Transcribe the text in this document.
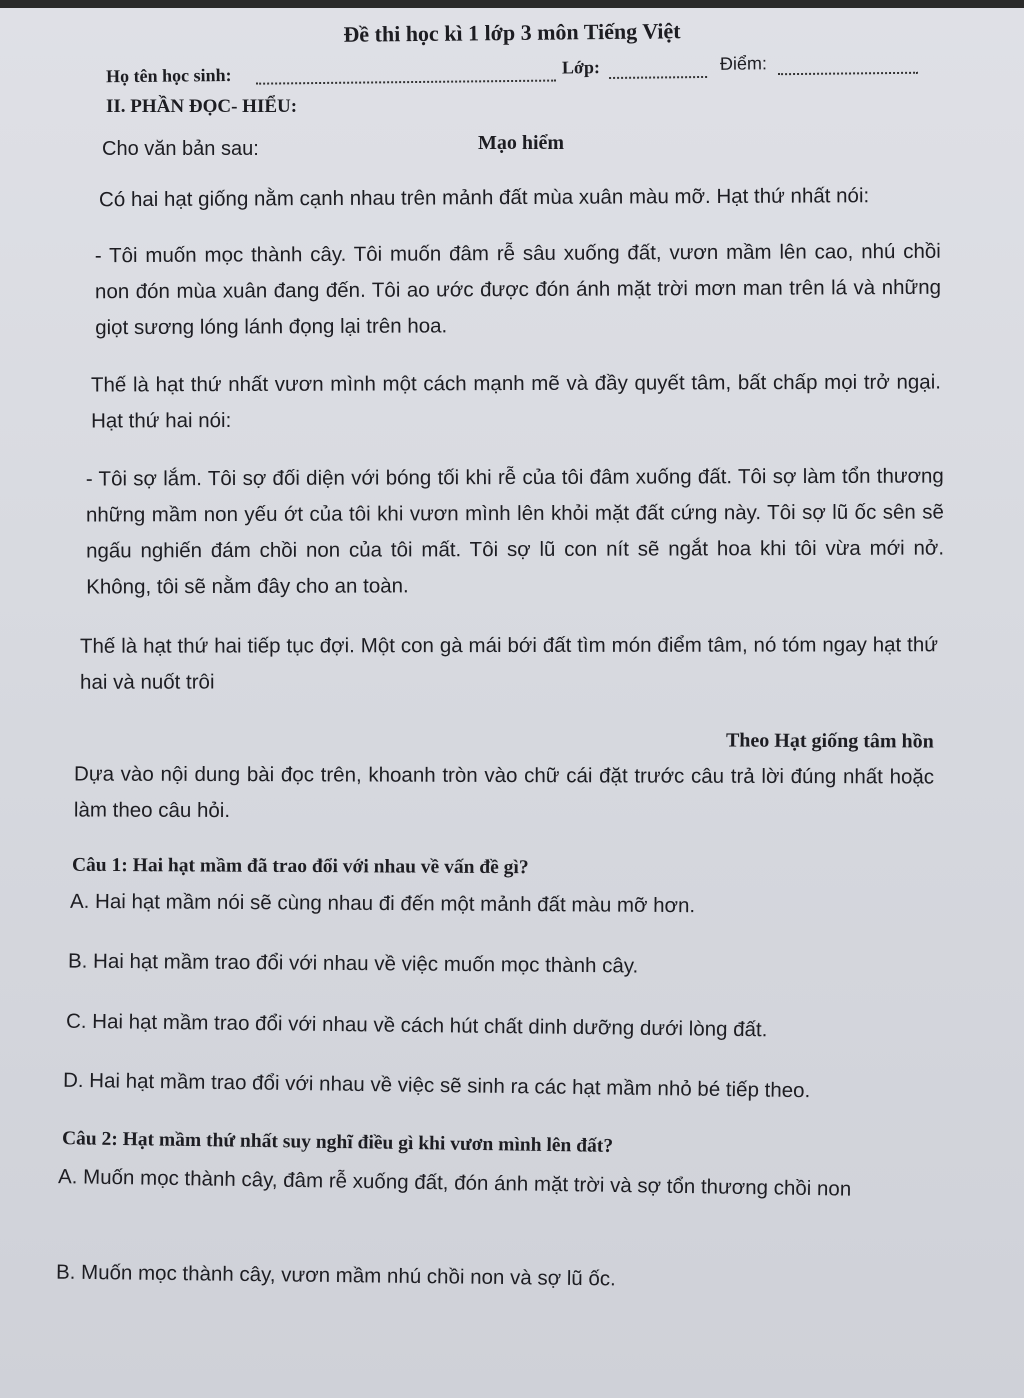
Đề thi học kì 1 lớp 3 môn Tiếng Việt
Họ tên học sinh:	Lớp:	Điểm:
II. PHẦN ĐỌC- HIỂU:
Cho văn bản sau:	Mạo hiểm
Có hai hạt giống nằm cạnh nhau trên mảnh đất mùa xuân màu mỡ. Hạt thứ nhất nói:
- Tôi muốn mọc thành cây. Tôi muốn đâm rễ sâu xuống đất, vươn mầm lên cao, nhú chồi non đón mùa xuân đang đến. Tôi ao ước được đón ánh mặt trời mơn man trên lá và những giọt sương lóng lánh đọng lại trên hoa.
Thế là hạt thứ nhất vươn mình một cách mạnh mẽ và đầy quyết tâm, bất chấp mọi trở ngại. Hạt thứ hai nói:
- Tôi sợ lắm. Tôi sợ đối diện với bóng tối khi rễ của tôi đâm xuống đất. Tôi sợ làm tổn thương những mầm non yếu ớt của tôi khi vươn mình lên khỏi mặt đất cứng này. Tôi sợ lũ ốc sên sẽ ngấu nghiến đám chồi non của tôi mất. Tôi sợ lũ con nít sẽ ngắt hoa khi tôi vừa mới nở. Không, tôi sẽ nằm đây cho an toàn.
Thế là hạt thứ hai tiếp tục đợi. Một con gà mái bới đất tìm món điểm tâm, nó tóm ngay hạt thứ hai và nuốt trôi
Theo Hạt giống tâm hồn
Dựa vào nội dung bài đọc trên, khoanh tròn vào chữ cái đặt trước câu trả lời đúng nhất hoặc làm theo câu hỏi.
Câu 1: Hai hạt mầm đã trao đổi với nhau về vấn đề gì?
A. Hai hạt mầm nói sẽ cùng nhau đi đến một mảnh đất màu mỡ hơn.
B. Hai hạt mầm trao đổi với nhau về việc muốn mọc thành cây.
C. Hai hạt mầm trao đổi với nhau về cách hút chất dinh dưỡng dưới lòng đất.
D. Hai hạt mầm trao đổi với nhau về việc sẽ sinh ra các hạt mầm nhỏ bé tiếp theo.
Câu 2: Hạt mầm thứ nhất suy nghĩ điều gì khi vươn mình lên đất?
A. Muốn mọc thành cây, đâm rễ xuống đất, đón ánh mặt trời và sợ tổn thương chồi non
B. Muốn mọc thành cây, vươn mầm nhú chồi non và sợ lũ ốc.
